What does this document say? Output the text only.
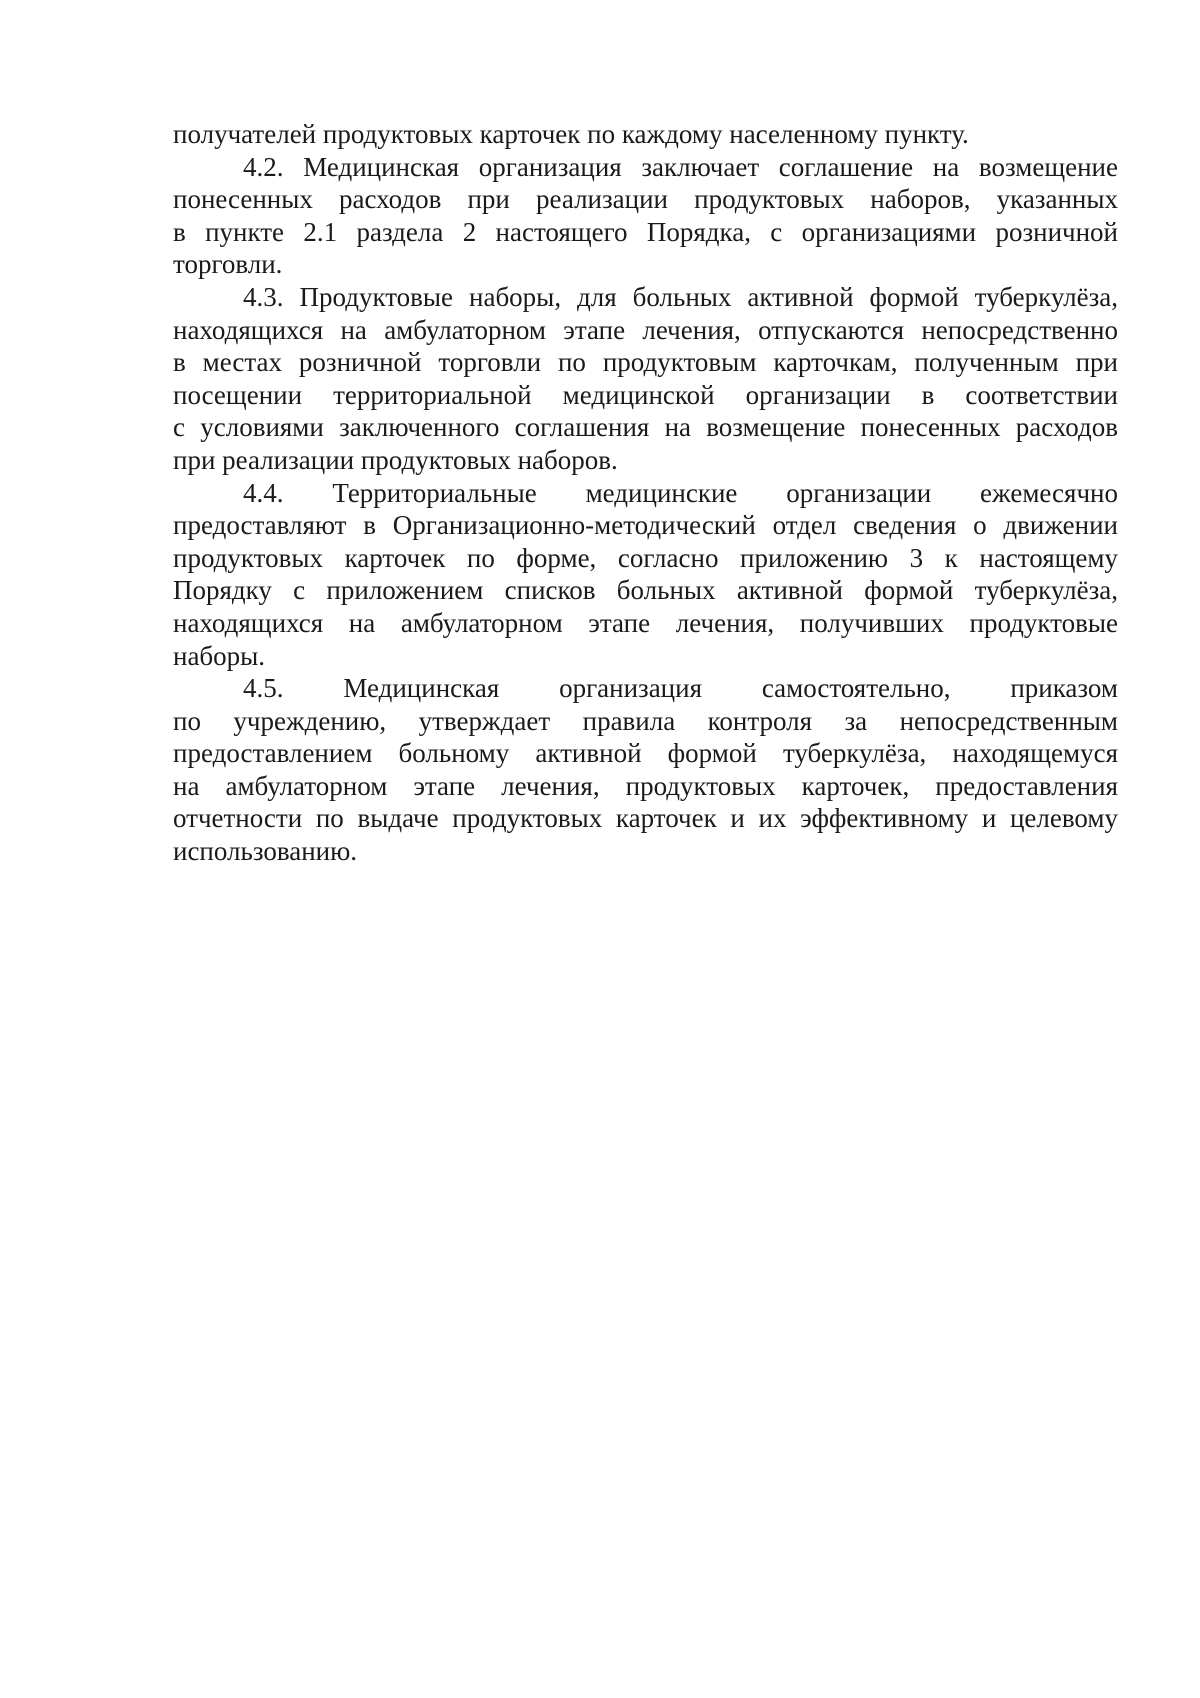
получателей продуктовых карточек по каждому населенному пункту.

4.2. Медицинская организация заключает соглашение на возмещение
понесенных расходов при реализации продуктовых наборов, указанных
в пункте 2.1 раздела 2 настоящего Порядка, с организациями розничной
торговли.

4.3. Продуктовые наборы, для больных активной формой туберкулёза,
находящихся на амбулаторном этапе лечения, отпускаются непосредственно
в местах розничной торговли по продуктовым карточкам, полученным при
посещении территориальной медицинской организации в соответствии
с условиями заключенного соглашения на возмещение понесенных расходов
при реализации продуктовых наборов.

4.4. Территориальные медицинские организации ежемесячно
предоставляют в Организационно-методический отдел сведения о движении
продуктовых карточек по форме, согласно приложению 3 к настоящему
Порядку с приложением списков больных активной формой туберкулёза,
находящихся на амбулаторном этапе лечения, получивших продуктовые
наборы.

4.5. Медицинская организация самостоятельно, приказом
по учреждению, утверждает правила контроля за непосредственным
предоставлением больному активной формой туберкулёза, находящемуся
на амбулаторном этапе лечения, продуктовых карточек, предоставления
отчетности по выдаче продуктовых карточек и их эффективному и целевому
использованию.
